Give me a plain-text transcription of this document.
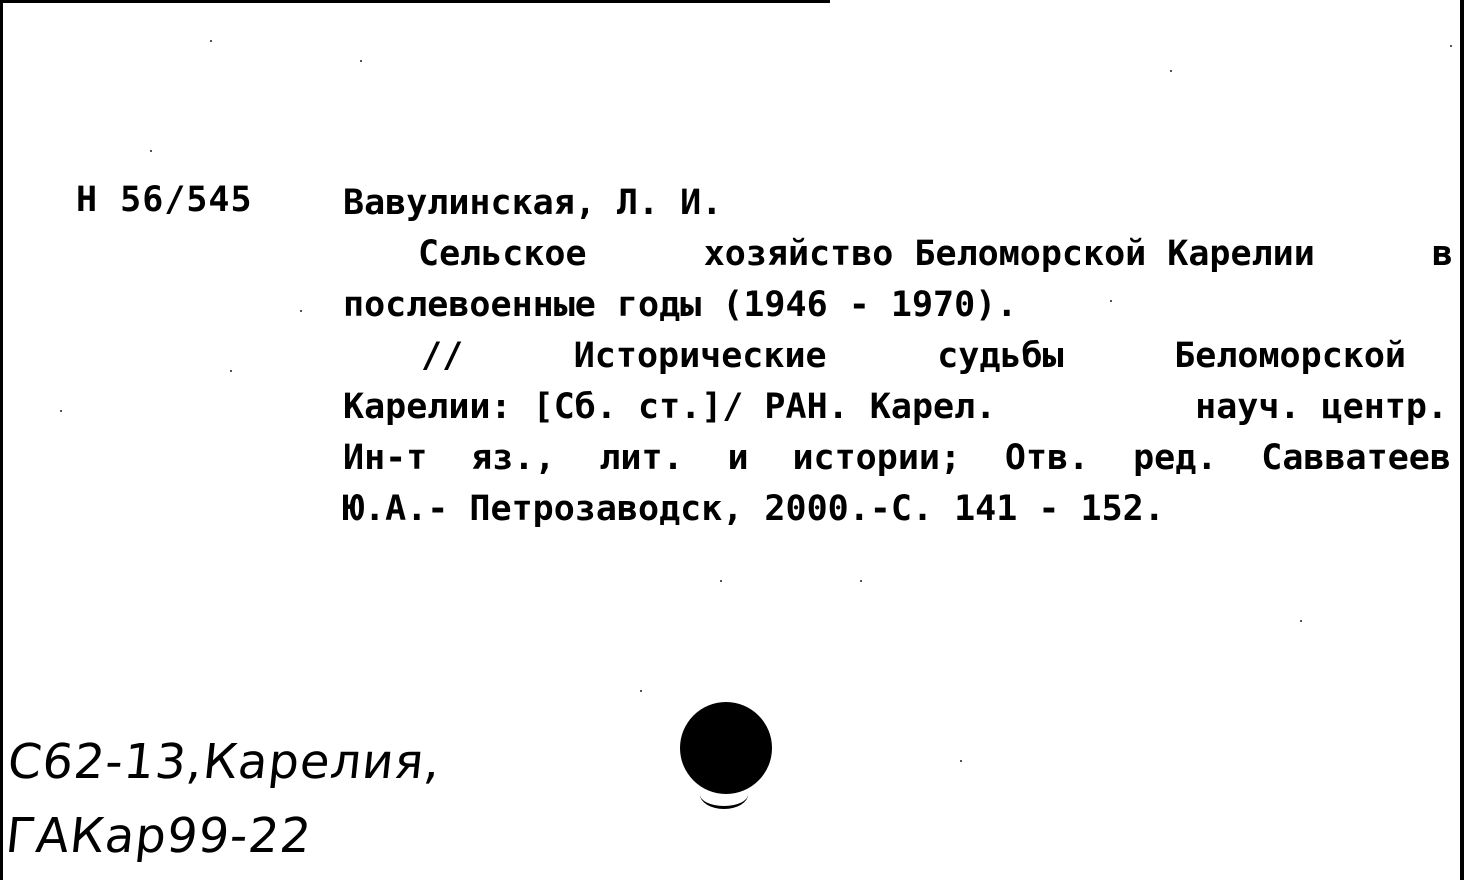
Н 56/545	Вавулинская, Л. И.
Сельское	хозяйство Беломорской Карелии	в
послевоенные годы (1946 - 1970).
//	Исторические	судьбы	Беломорской
Карелии: [Сб. ст.]/ РАН. Карел.	науч. центр.
Ин-т яз., лит. и истории; Отв. ред. Савватеев
Ю.А.- Петрозаводск, 2000.-С. 141 - 152.
С62-13,Карелия,
ГАКар99-22
